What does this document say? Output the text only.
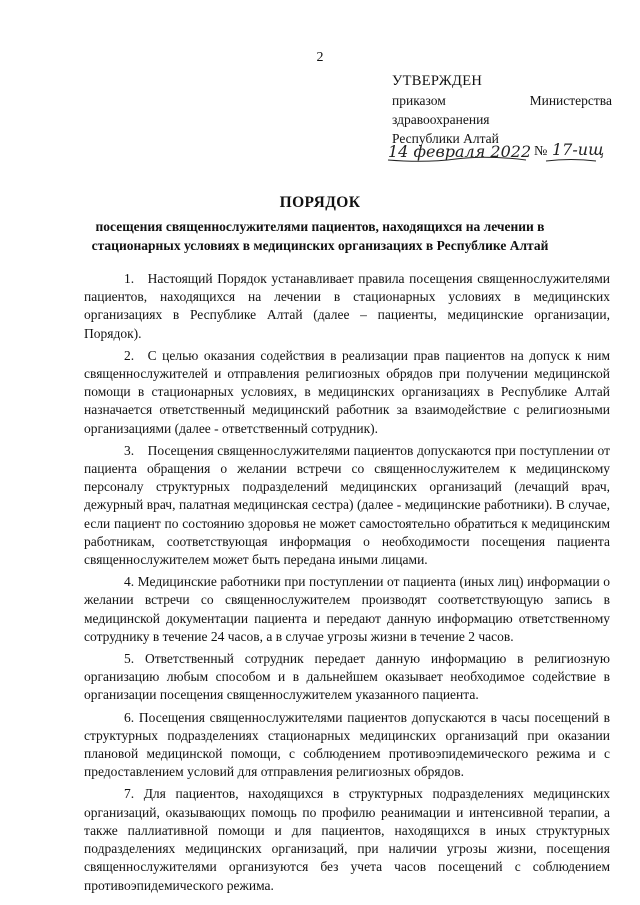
2
УТВЕРЖДЕН
приказом	Министерства
здравоохранения
Республики Алтай
14 февраля 2022 № 17-ищ
ПОРЯДОК
посещения священнослужителями пациентов, находящихся на лечении в стационарных условиях в медицинских организациях в Республике Алтай

1. Настоящий Порядок устанавливает правила посещения священнослужителями пациентов, находящихся на лечении в стационарных условиях в медицинских организациях в Республике Алтай (далее – пациенты, медицинские организации, Порядок).

2. С целью оказания содействия в реализации прав пациентов на допуск к ним священнослужителей и отправления религиозных обрядов при получении медицинской помощи в стационарных условиях, в медицинских организациях в Республике Алтай назначается ответственный медицинский работник за взаимодействие с религиозными организациями (далее - ответственный сотрудник).

3. Посещения священнослужителями пациентов допускаются при поступлении от пациента обращения о желании встречи со священнослужителем к медицинскому персоналу структурных подразделений медицинских организаций (лечащий врач, дежурный врач, палатная медицинская сестра) (далее - медицинские работники). В случае, если пациент по состоянию здоровья не может самостоятельно обратиться к медицинским работникам, соответствующая информация о необходимости посещения пациента священнослужителем может быть передана иными лицами.

4. Медицинские работники при поступлении от пациента (иных лиц) информации о желании встречи со священнослужителем производят соответствующую запись в медицинской документации пациента и передают данную информацию ответственному сотруднику в течение 24 часов, а в случае угрозы жизни в течение 2 часов.

5. Ответственный сотрудник передает данную информацию в религиозную организацию любым способом и в дальнейшем оказывает необходимое содействие в организации посещения священнослужителем указанного пациента.

6. Посещения священнослужителями пациентов допускаются в часы посещений в структурных подразделениях стационарных медицинских организаций при оказании плановой медицинской помощи, с соблюдением противоэпидемического режима и с предоставлением условий для отправления религиозных обрядов.

7. Для пациентов, находящихся в структурных подразделениях медицинских организаций, оказывающих помощь по профилю реанимации и интенсивной терапии, а также паллиативной помощи и для пациентов, находящихся в иных структурных подразделениях медицинских организаций, при наличии угрозы жизни, посещения священнослужителями организуются без учета часов посещений с соблюдением противоэпидемического режима.
